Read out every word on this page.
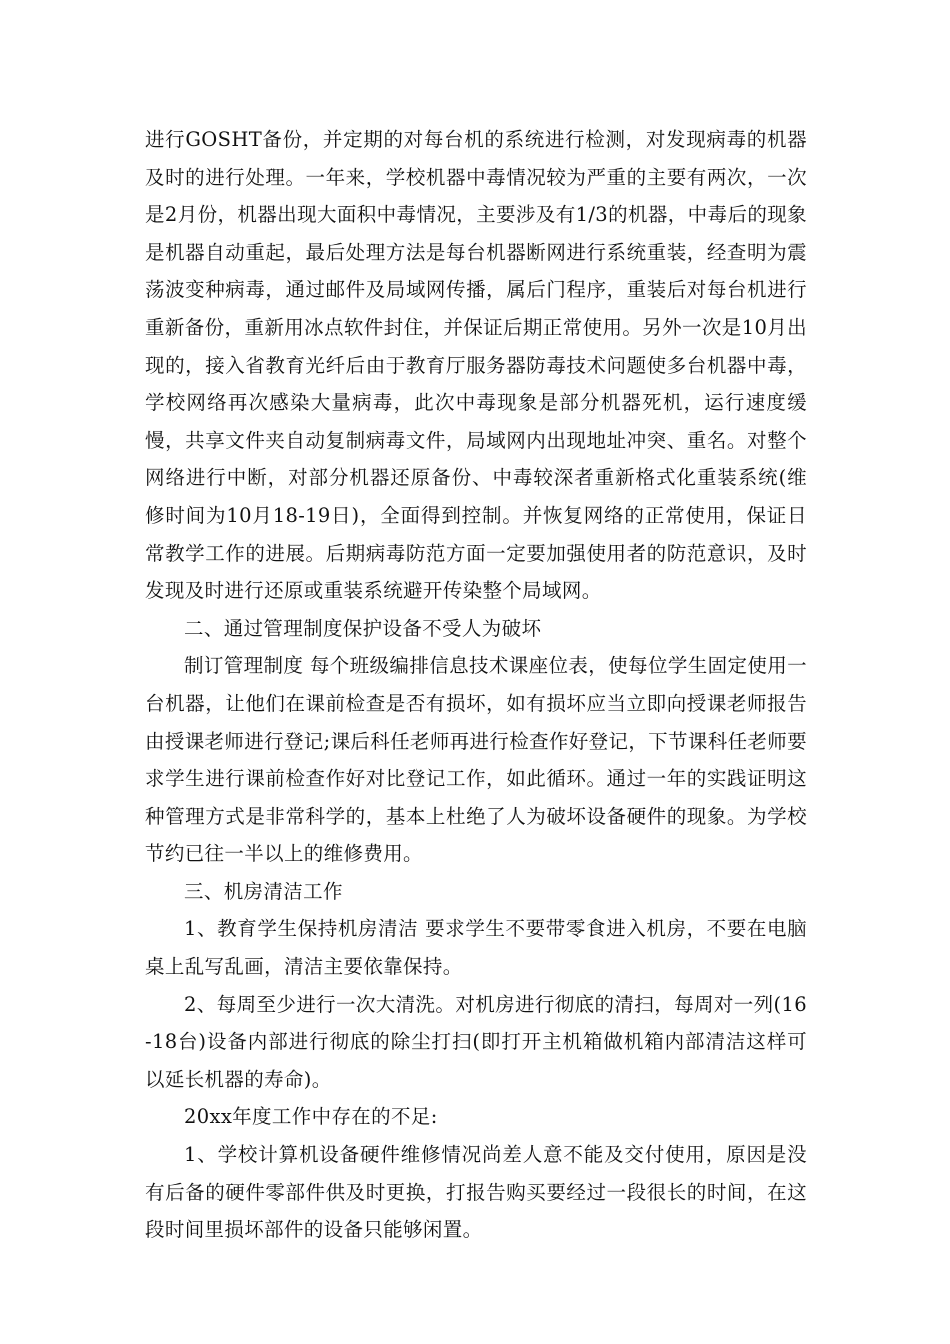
进行GOSHT备份，并定期的对每台机的系统进行检测，对发现病毒的机器及时的进行处理。一年来，学校机器中毒情况较为严重的主要有两次，一次是2月份，机器出现大面积中毒情况，主要涉及有1/3的机器，中毒后的现象是机器自动重起，最后处理方法是每台机器断网进行系统重装，经查明为震荡波变种病毒，通过邮件及局域网传播，属后门程序，重装后对每台机进行重新备份，重新用冰点软件封住，并保证后期正常使用。另外一次是10月出现的，接入省教育光纤后由于教育厅服务器防毒技术问题使多台机器中毒，学校网络再次感染大量病毒，此次中毒现象是部分机器死机，运行速度缓慢，共享文件夹自动复制病毒文件，局域网内出现地址冲突、重名。对整个网络进行中断，对部分机器还原备份、中毒较深者重新格式化重装系统(维修时间为10月18-19日)，全面得到控制。并恢复网络的正常使用，保证日常教学工作的进展。后期病毒防范方面一定要加强使用者的防范意识，及时发现及时进行还原或重装系统避开传染整个局域网。

二、通过管理制度保护设备不受人为破坏

制订管理制度 每个班级编排信息技术课座位表，使每位学生固定使用一台机器，让他们在课前检查是否有损坏，如有损坏应当立即向授课老师报告由授课老师进行登记;课后科任老师再进行检查作好登记，下节课科任老师要求学生进行课前检查作好对比登记工作，如此循环。通过一年的实践证明这种管理方式是非常科学的，基本上杜绝了人为破坏设备硬件的现象。为学校节约已往一半以上的维修费用。

三、机房清洁工作

1、教育学生保持机房清洁 要求学生不要带零食进入机房，不要在电脑桌上乱写乱画，清洁主要依靠保持。

2、每周至少进行一次大清洗。对机房进行彻底的清扫，每周对一列(16-18台)设备内部进行彻底的除尘打扫(即打开主机箱做机箱内部清洁这样可以延长机器的寿命)。

20xx年度工作中存在的不足:

1、学校计算机设备硬件维修情况尚差人意不能及交付使用，原因是没有后备的硬件零部件供及时更换，打报告购买要经过一段很长的时间，在这段时间里损坏部件的设备只能够闲置。
